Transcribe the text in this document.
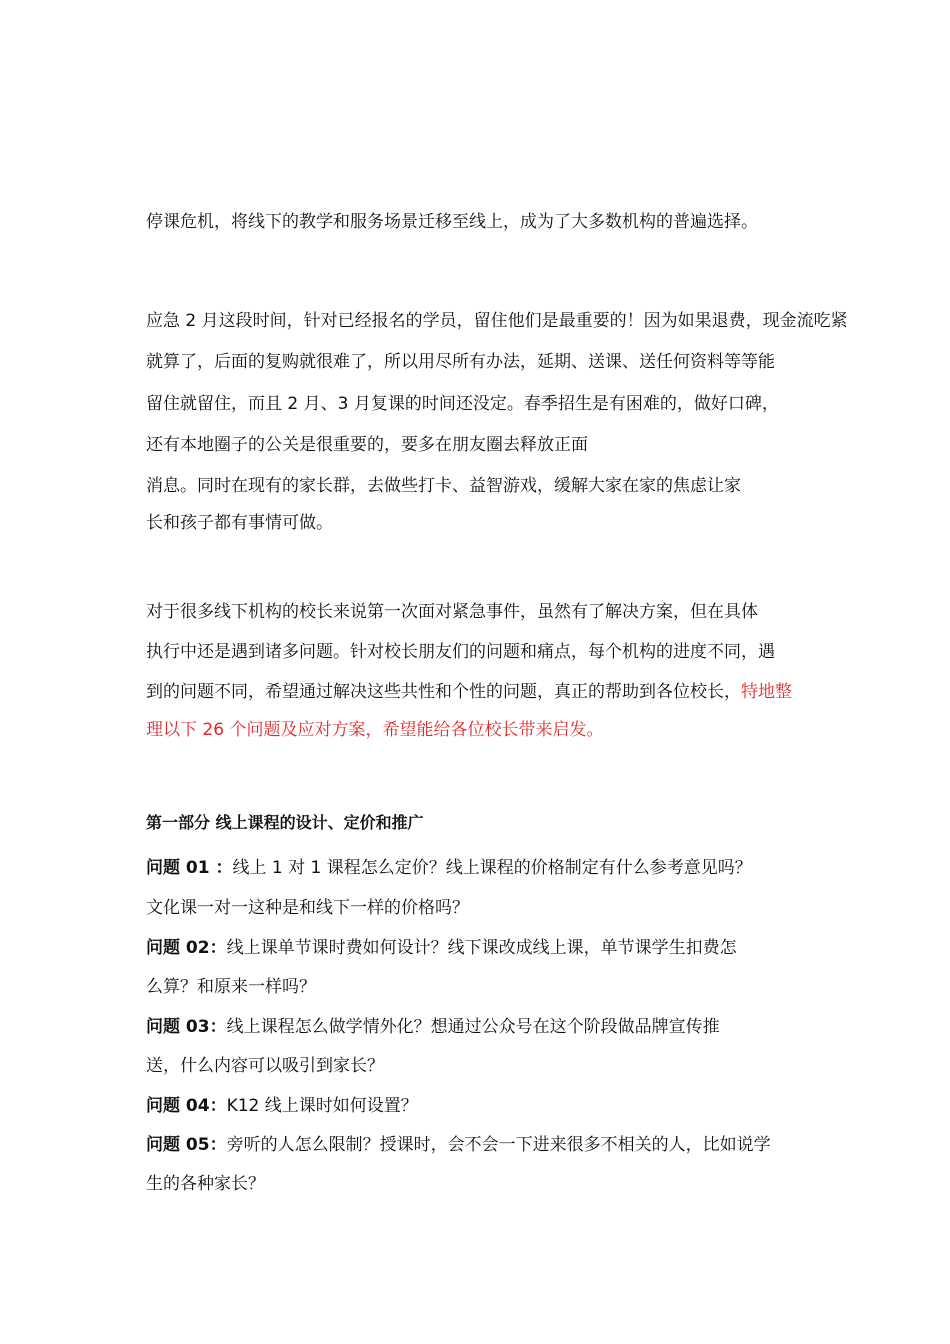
停课危机，将线下的教学和服务场景迁移至线上，成为了大多数机构的普遍选择。
应急 2 月这段时间，针对已经报名的学员，留住他们是最重要的！因为如果退费，现金流吃紧
就算了，后面的复购就很难了，所以用尽所有办法，延期、送课、送任何资料等等能
留住就留住，而且 2 月、3 月复课的时间还没定。春季招生是有困难的，做好口碑，
还有本地圈子的公关是很重要的，要多在朋友圈去释放正面
消息。同时在现有的家长群，去做些打卡、益智游戏，缓解大家在家的焦虑让家
长和孩子都有事情可做。
对于很多线下机构的校长来说第一次面对紧急事件，虽然有了解决方案，但在具体
执行中还是遇到诸多问题。针对校长朋友们的问题和痛点，每个机构的进度不同，遇
到的问题不同，希望通过解决这些共性和个性的问题，真正的帮助到各位校长，特地整
理以下 26 个问题及应对方案，希望能给各位校长带来启发。
第一部分 线上课程的设计、定价和推广
问题 01 ：线上 1 对 1 课程怎么定价？线上课程的价格制定有什么参考意见吗？
文化课一对一这种是和线下一样的价格吗？
问题 02：线上课单节课时费如何设计？线下课改成线上课，单节课学生扣费怎
么算？和原来一样吗？
问题 03：线上课程怎么做学情外化？想通过公众号在这个阶段做品牌宣传推
送，什么内容可以吸引到家长？
问题 04：K12 线上课时如何设置？
问题 05：旁听的人怎么限制？授课时，会不会一下进来很多不相关的人，比如说学
生的各种家长？
